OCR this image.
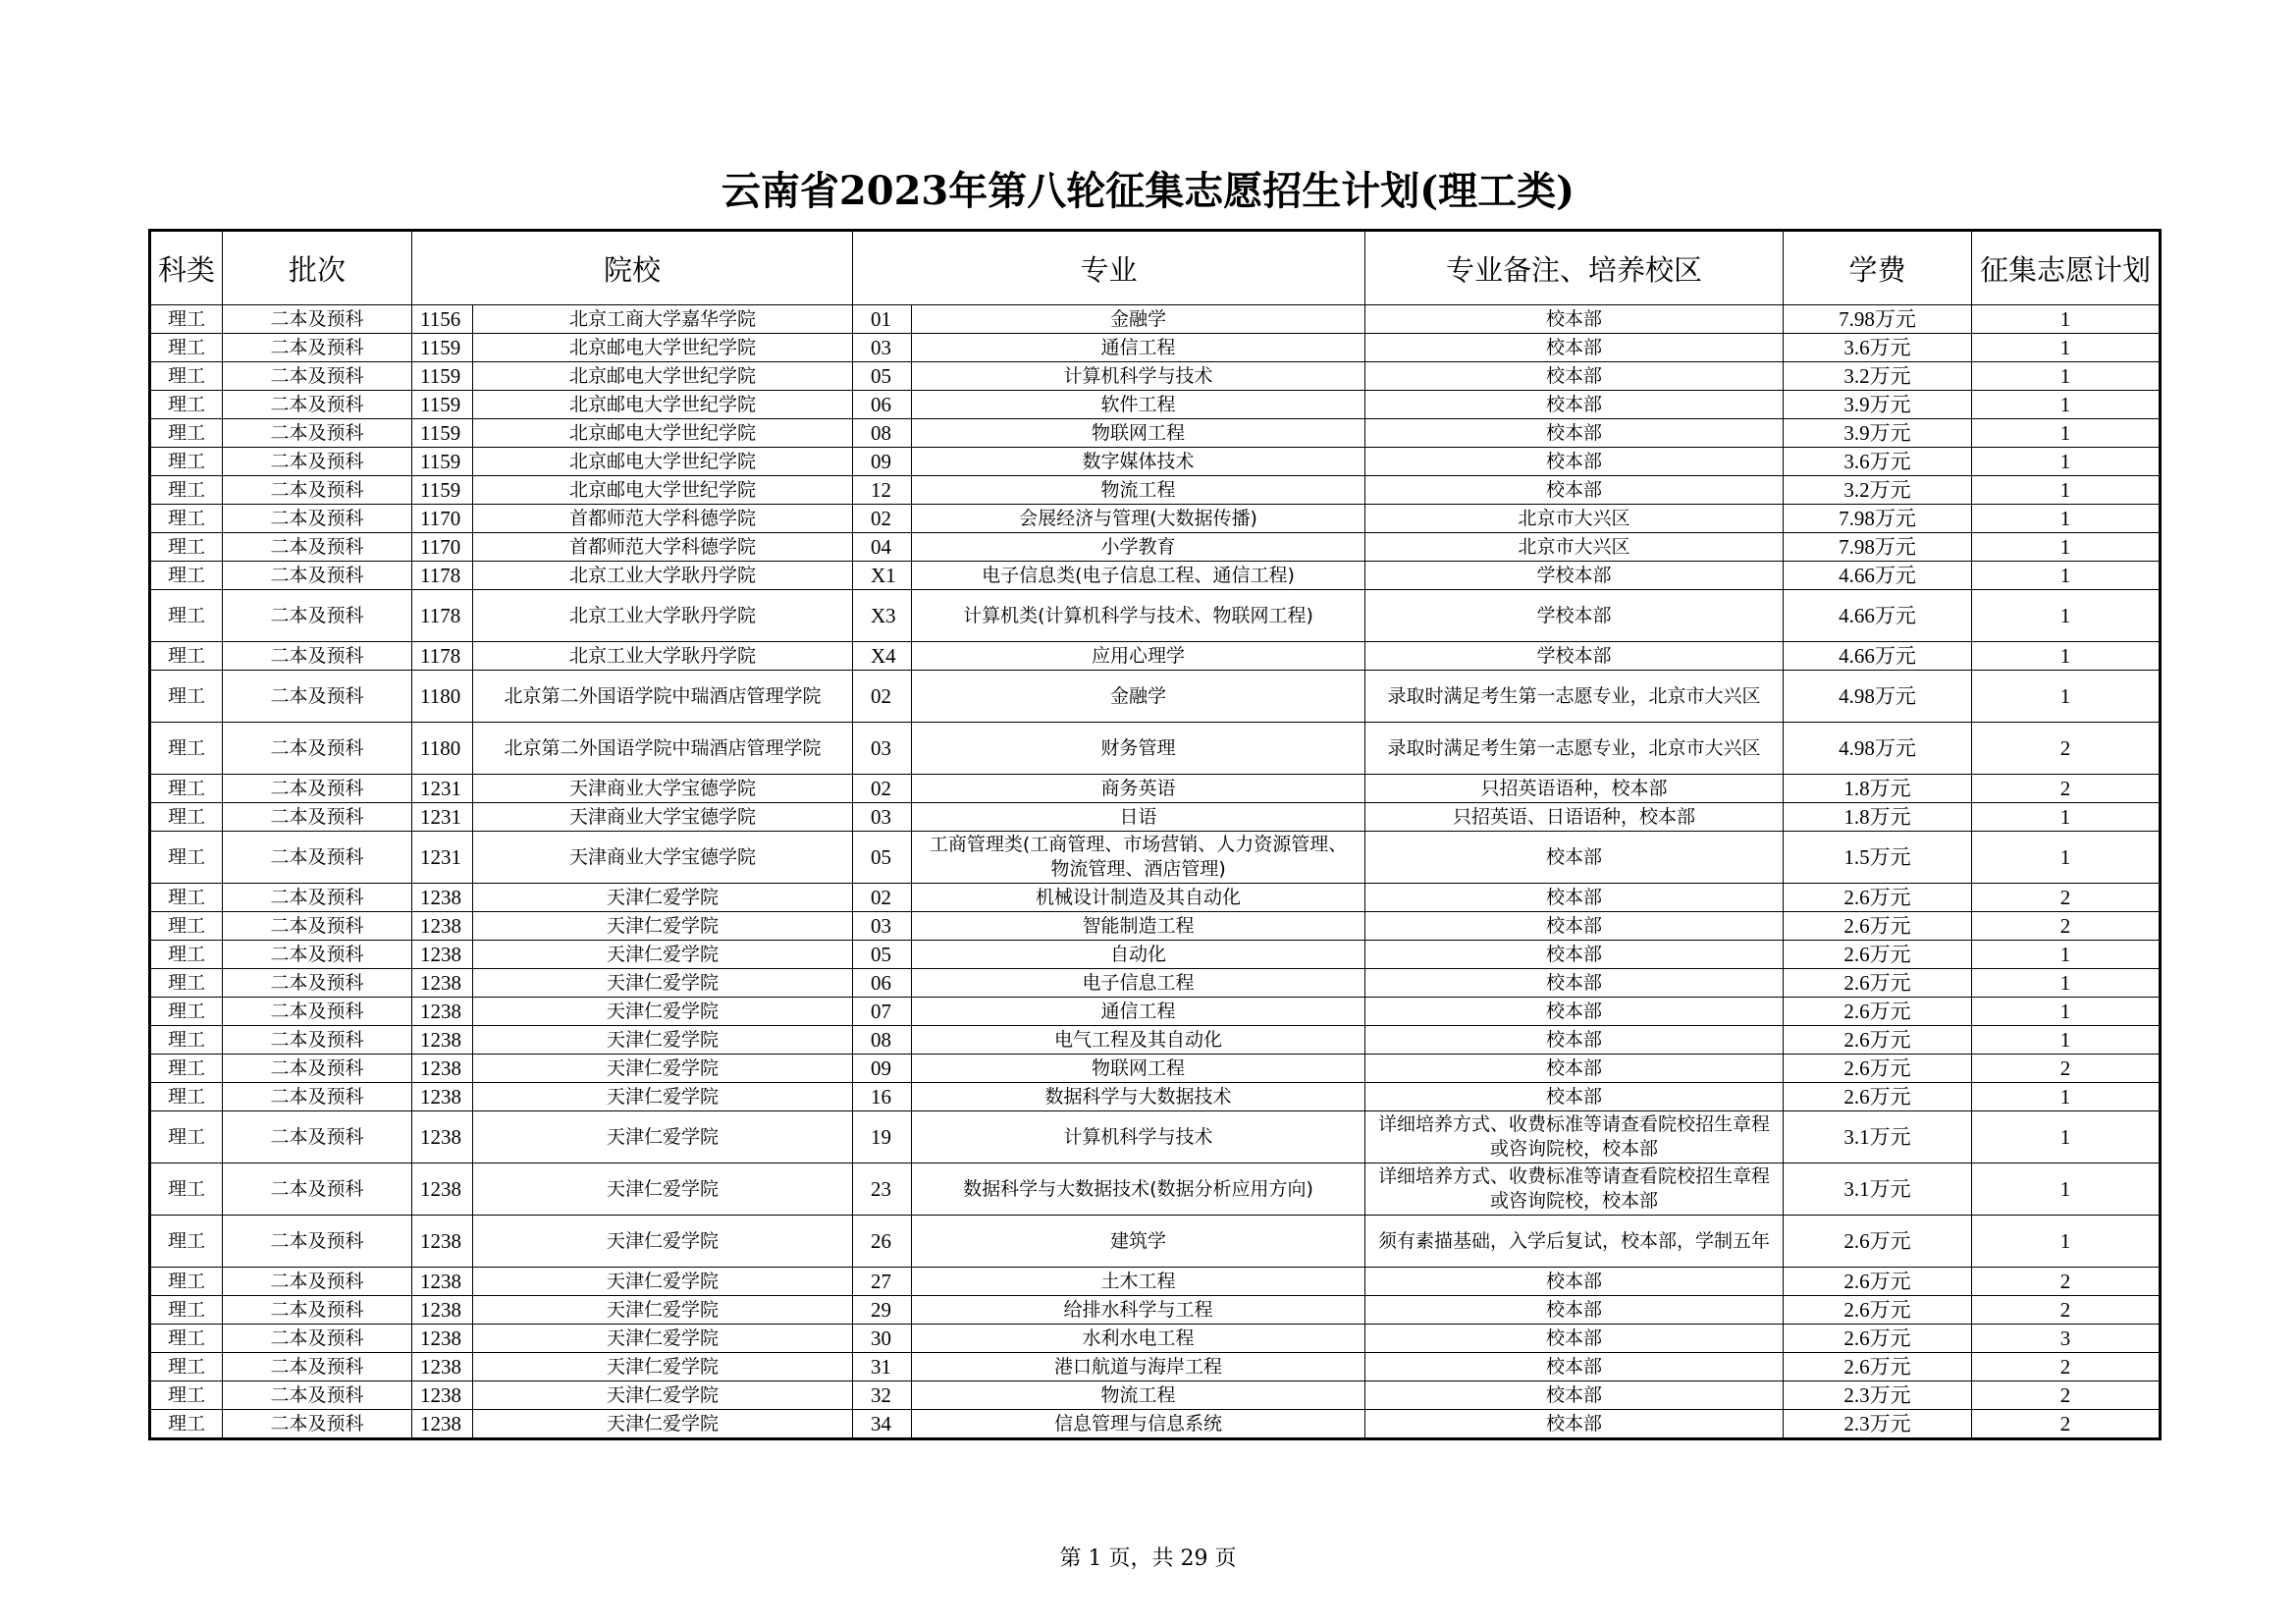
云南省2023年第八轮征集志愿招生计划(理工类)
科类	批次	院校		专业		专业备注、培养校区	学费	征集志愿计划
理工	二本及预科	1156	北京工商大学嘉华学院	01	金融学	校本部	7.98万元	1
理工	二本及预科	1159	北京邮电大学世纪学院	03	通信工程	校本部	3.6万元	1
理工	二本及预科	1159	北京邮电大学世纪学院	05	计算机科学与技术	校本部	3.2万元	1
理工	二本及预科	1159	北京邮电大学世纪学院	06	软件工程	校本部	3.9万元	1
理工	二本及预科	1159	北京邮电大学世纪学院	08	物联网工程	校本部	3.9万元	1
理工	二本及预科	1159	北京邮电大学世纪学院	09	数字媒体技术	校本部	3.6万元	1
理工	二本及预科	1159	北京邮电大学世纪学院	12	物流工程	校本部	3.2万元	1
理工	二本及预科	1170	首都师范大学科德学院	02	会展经济与管理(大数据传播)	北京市大兴区	7.98万元	1
理工	二本及预科	1170	首都师范大学科德学院	04	小学教育	北京市大兴区	7.98万元	1
理工	二本及预科	1178	北京工业大学耿丹学院	X1	电子信息类(电子信息工程、通信工程)	学校本部	4.66万元	1
理工	二本及预科	1178	北京工业大学耿丹学院	X3	计算机类(计算机科学与技术、物联网工程)	学校本部	4.66万元	1
理工	二本及预科	1178	北京工业大学耿丹学院	X4	应用心理学	学校本部	4.66万元	1
理工	二本及预科	1180	北京第二外国语学院中瑞酒店管理学院	02	金融学	录取时满足考生第一志愿专业，北京市大兴区	4.98万元	1
理工	二本及预科	1180	北京第二外国语学院中瑞酒店管理学院	03	财务管理	录取时满足考生第一志愿专业，北京市大兴区	4.98万元	2
理工	二本及预科	1231	天津商业大学宝德学院	02	商务英语	只招英语语种，校本部	1.8万元	2
理工	二本及预科	1231	天津商业大学宝德学院	03	日语	只招英语、日语语种，校本部	1.8万元	1
理工	二本及预科	1231	天津商业大学宝德学院	05	工商管理类(工商管理、市场营销、人力资源管理、物流管理、酒店管理)	校本部	1.5万元	1
理工	二本及预科	1238	天津仁爱学院	02	机械设计制造及其自动化	校本部	2.6万元	2
理工	二本及预科	1238	天津仁爱学院	03	智能制造工程	校本部	2.6万元	2
理工	二本及预科	1238	天津仁爱学院	05	自动化	校本部	2.6万元	1
理工	二本及预科	1238	天津仁爱学院	06	电子信息工程	校本部	2.6万元	1
理工	二本及预科	1238	天津仁爱学院	07	通信工程	校本部	2.6万元	1
理工	二本及预科	1238	天津仁爱学院	08	电气工程及其自动化	校本部	2.6万元	1
理工	二本及预科	1238	天津仁爱学院	09	物联网工程	校本部	2.6万元	2
理工	二本及预科	1238	天津仁爱学院	16	数据科学与大数据技术	校本部	2.6万元	1
理工	二本及预科	1238	天津仁爱学院	19	计算机科学与技术	详细培养方式、收费标准等请查看院校招生章程或咨询院校，校本部	3.1万元	1
理工	二本及预科	1238	天津仁爱学院	23	数据科学与大数据技术(数据分析应用方向)	详细培养方式、收费标准等请查看院校招生章程或咨询院校，校本部	3.1万元	1
理工	二本及预科	1238	天津仁爱学院	26	建筑学	须有素描基础，入学后复试，校本部，学制五年	2.6万元	1
理工	二本及预科	1238	天津仁爱学院	27	土木工程	校本部	2.6万元	2
理工	二本及预科	1238	天津仁爱学院	29	给排水科学与工程	校本部	2.6万元	2
理工	二本及预科	1238	天津仁爱学院	30	水利水电工程	校本部	2.6万元	3
理工	二本及预科	1238	天津仁爱学院	31	港口航道与海岸工程	校本部	2.6万元	2
理工	二本及预科	1238	天津仁爱学院	32	物流工程	校本部	2.3万元	2
理工	二本及预科	1238	天津仁爱学院	34	信息管理与信息系统	校本部	2.3万元	2
第 1 页，共 29 页
